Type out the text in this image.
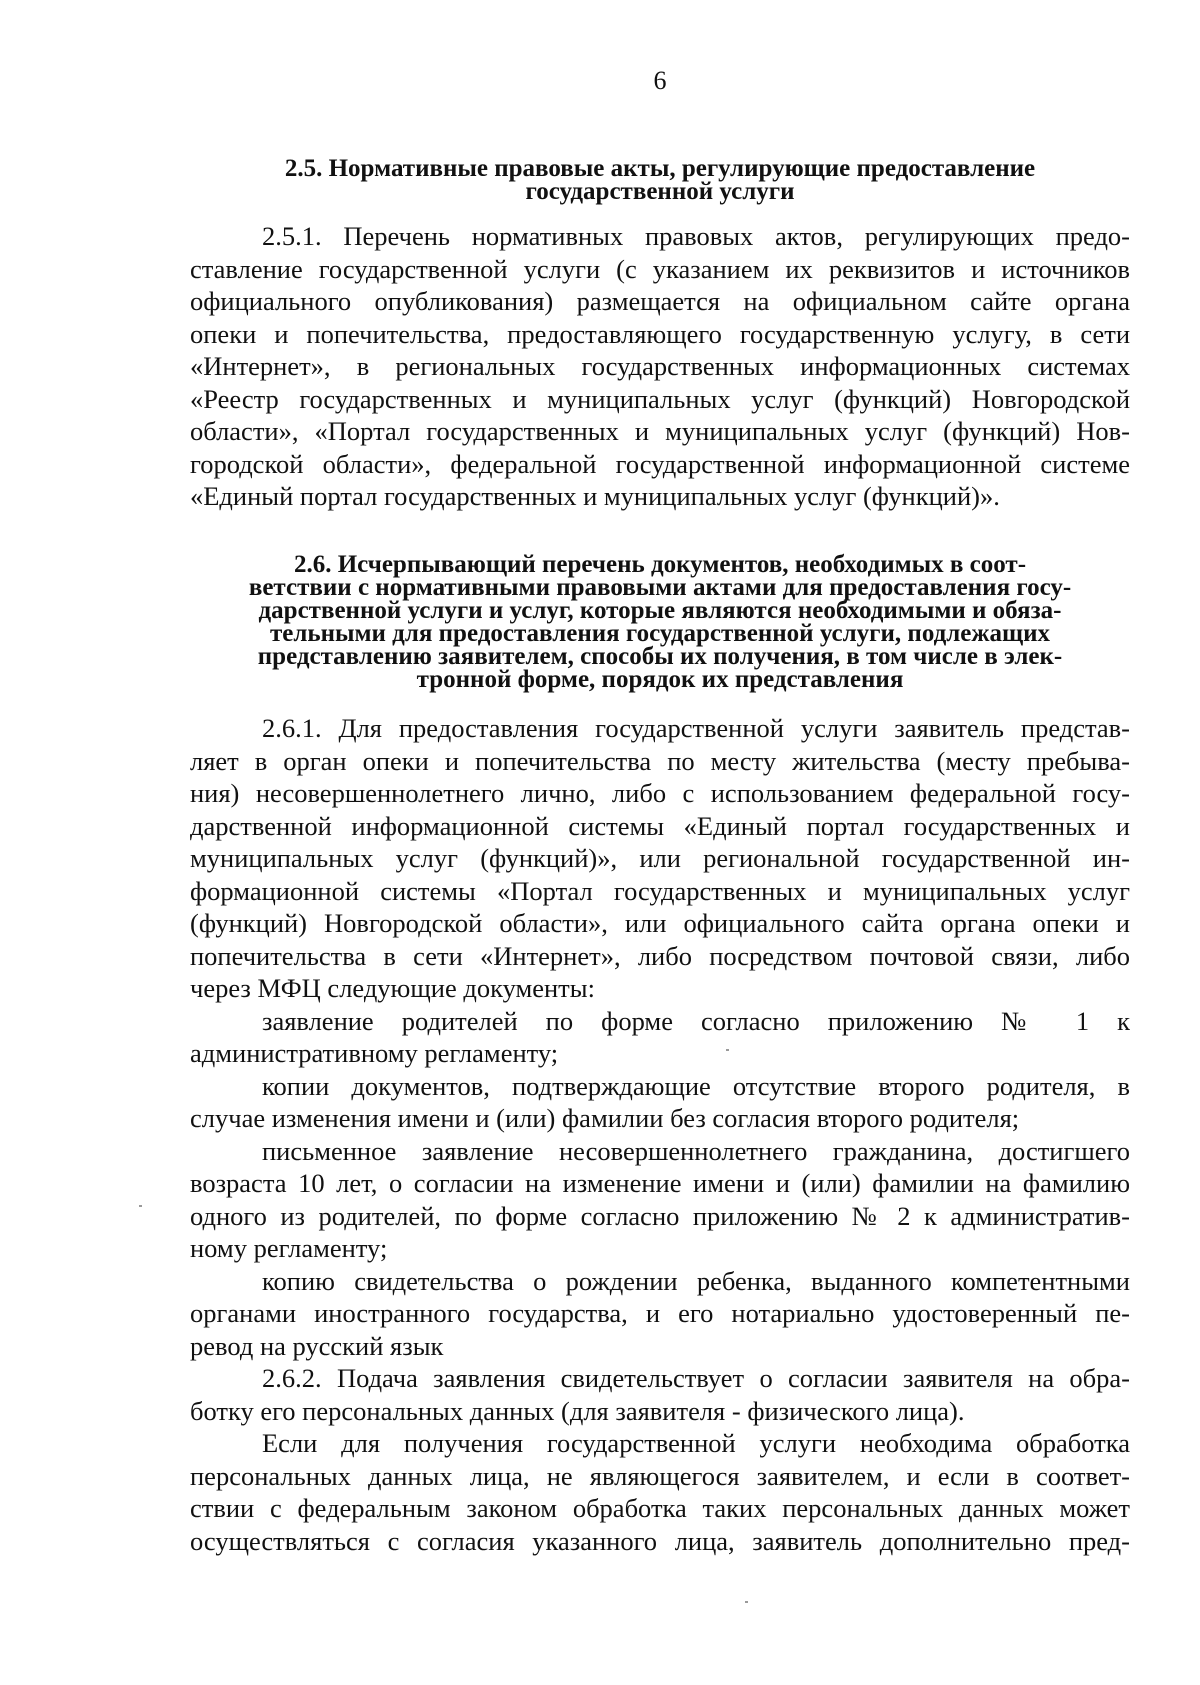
6
2.5. Нормативные правовые акты, регулирующие предоставление
государственной услуги

2.5.1. Перечень нормативных правовых актов, регулирующих предо-
ставление государственной услуги (с указанием их реквизитов и источников
официального опубликования) размещается на официальном сайте органа
опеки и попечительства, предоставляющего государственную услугу, в сети
«Интернет», в региональных государственных информационных системах
«Реестр государственных и муниципальных услуг (функций) Новгородской
области», «Портал государственных и муниципальных услуг (функций) Нов-
городской области», федеральной государственной информационной системе
«Единый портал государственных и муниципальных услуг (функций)».

2.6. Исчерпывающий перечень документов, необходимых в соот-
ветствии с нормативными правовыми актами для предоставления госу-
дарственной услуги и услуг, которые являются необходимыми и обяза-
тельными для предоставления государственной услуги, подлежащих
представлению заявителем, способы их получения, в том числе в элек-
тронной форме, порядок их представления

2.6.1. Для предоставления государственной услуги заявитель представ-
ляет в орган опеки и попечительства по месту жительства (месту пребыва-
ния) несовершеннолетнего лично, либо с использованием федеральной госу-
дарственной информационной системы «Единый портал государственных и
муниципальных услуг (функций)», или региональной государственной ин-
формационной системы «Портал государственных и муниципальных услуг
(функций) Новгородской области», или официального сайта органа опеки и
попечительства в сети «Интернет», либо посредством почтовой связи, либо
через МФЦ следующие документы:

заявление родителей по форме согласно приложению № 1 к
административному регламенту;

копии документов, подтверждающие отсутствие второго родителя, в
случае изменения имени и (или) фамилии без согласия второго родителя;

письменное заявление несовершеннолетнего гражданина, достигшего
возраста 10 лет, о согласии на изменение имени и (или) фамилии на фамилию
одного из родителей, по форме согласно приложению № 2 к административ-
ному регламенту;

копию свидетельства о рождении ребенка, выданного компетентными
органами иностранного государства, и его нотариально удостоверенный пе-
ревод на русский язык

2.6.2. Подача заявления свидетельствует о согласии заявителя на обра-
ботку его персональных данных (для заявителя - физического лица).

Если для получения государственной услуги необходима обработка
персональных данных лица, не являющегося заявителем, и если в соответ-
ствии с федеральным законом обработка таких персональных данных может
осуществляться с согласия указанного лица, заявитель дополнительно пред-
